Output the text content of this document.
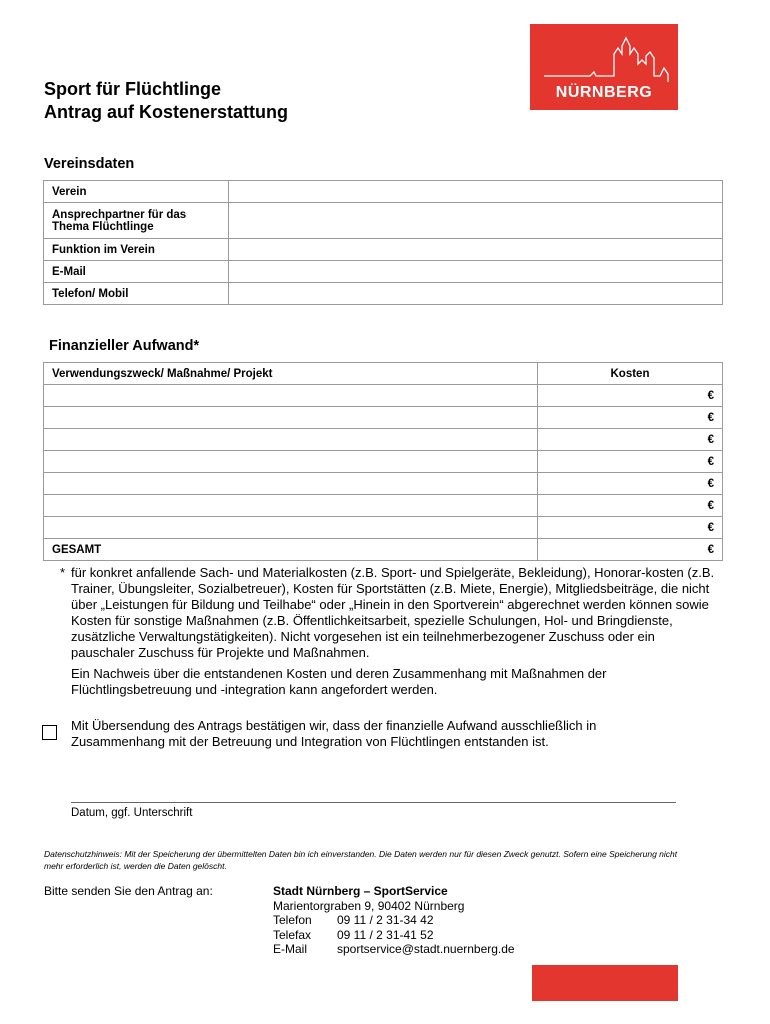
NÜRNBERG
Sport für Flüchtlinge
Antrag auf Kostenerstattung
Vereinsdaten
Verein	
Ansprechpartner für das Thema Flüchtlinge	
Funktion im Verein	
E-Mail	
Telefon/ Mobil	
Finanzieller Aufwand*
Verwendungszweck/ Maßnahme/ Projekt	Kosten
	€
	€
	€
	€
	€
	€
	€
GESAMT	€
* für konkret anfallende Sach- und Materialkosten (z.B. Sport- und Spielgeräte, Bekleidung), Honorar-kosten (z.B. Trainer, Übungsleiter, Sozialbetreuer), Kosten für Sportstätten (z.B. Miete, Energie), Mitgliedsbeiträge, die nicht über „Leistungen für Bildung und Teilhabe“ oder „Hinein in den Sportverein“ abgerechnet werden können sowie Kosten für sonstige Maßnahmen (z.B. Öffentlichkeitsarbeit, spezielle Schulungen, Hol- und Bringdienste, zusätzliche Verwaltungstätigkeiten). Nicht vorgesehen ist ein teilnehmerbezogener Zuschuss oder ein pauschaler Zuschuss für Projekte und Maßnahmen.
Ein Nachweis über die entstandenen Kosten und deren Zusammenhang mit Maßnahmen der Flüchtlingsbetreuung und -integration kann angefordert werden.
Mit Übersendung des Antrags bestätigen wir, dass der finanzielle Aufwand ausschließlich in Zusammenhang mit der Betreuung und Integration von Flüchtlingen entstanden ist.
Datum, ggf. Unterschrift
Datenschutzhinweis: Mit der Speicherung der übermittelten Daten bin ich einverstanden. Die Daten werden nur für diesen Zweck genutzt. Sofern eine Speicherung nicht mehr erforderlich ist, werden die Daten gelöscht.
Bitte senden Sie den Antrag an:	Stadt Nürnberg – SportService
Marientorgraben 9, 90402 Nürnberg
Telefon	09 11 / 2 31-34 42
Telefax	09 11 / 2 31-41 52
E-Mail	sportservice@stadt.nuernberg.de
